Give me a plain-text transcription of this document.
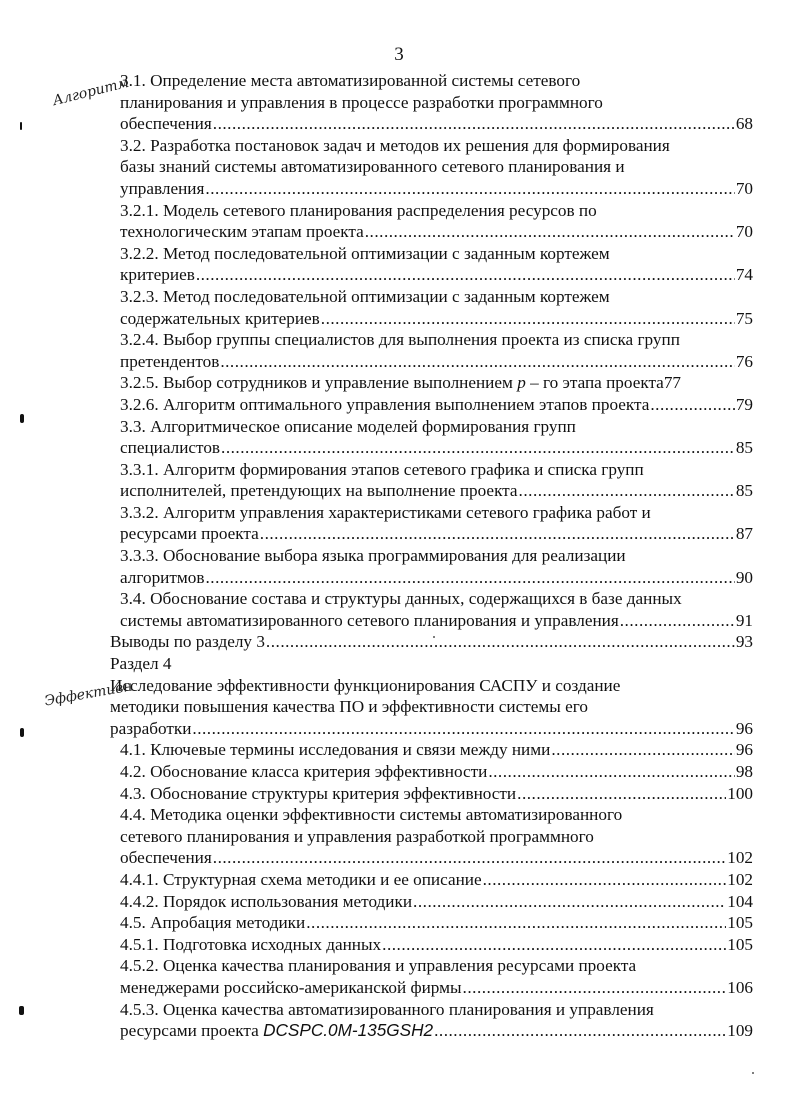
3
3.1. Определение места автоматизированной системы сетевого
планирования и управления в процессе разработки программного
обеспечения .....	68
3.2. Разработка постановок задач и методов их решения для формирования
базы знаний системы автоматизированного сетевого планирования и
управления .....	70
3.2.1. Модель сетевого планирования распределения ресурсов по
технологическим этапам проекта .....	70
3.2.2. Метод последовательной оптимизации с заданным кортежем
критериев .....	74
3.2.3. Метод последовательной оптимизации с заданным кортежем
содержательных критериев .....	75
3.2.4. Выбор группы специалистов для выполнения проекта из списка групп
претендентов .....	76
3.2.5. Выбор сотрудников и управление выполнением p – го этапа проекта 77
3.2.6. Алгоритм оптимального управления выполнением этапов проекта .....	79
3.3. Алгоритмическое описание моделей формирования групп
специалистов .....	85
3.3.1. Алгоритм формирования этапов сетевого графика и списка групп
исполнителей, претендующих на выполнение проекта .....	85
3.3.2. Алгоритм управления характеристиками сетевого графика работ и
ресурсами проекта .....	87
3.3.3. Обоснование выбора языка программирования для реализации
алгоритмов .....	90
3.4. Обоснование состава и структуры данных, содержащихся в базе данных
системы автоматизированного сетевого планирования и управления .....	91
Выводы по разделу 3 .....	93
Раздел 4
Исследование эффективности функционирования САСПУ и создание
методики повышения качества ПО и эффективности системы его
разработки .....	96
4.1. Ключевые термины исследования и связи между ними .....	96
4.2. Обоснование класса критерия эффективности .....	98
4.3. Обоснование структуры критерия эффективности .....	100
4.4. Методика оценки эффективности системы автоматизированного
сетевого планирования и управления разработкой программного
обеспечения .....	102
4.4.1. Структурная схема методики и ее описание .....	102
4.4.2. Порядок использования методики .....	104
4.5. Апробация методики .....	105
4.5.1. Подготовка исходных данных .....	105
4.5.2. Оценка качества планирования и управления ресурсами проекта
менеджерами российско-американской фирмы .....	106
4.5.3. Оценка качества автоматизированного планирования и управления
ресурсами проекта DCSPC.0M-135GSH2 .....	109
Алгоритм
Эффективн
